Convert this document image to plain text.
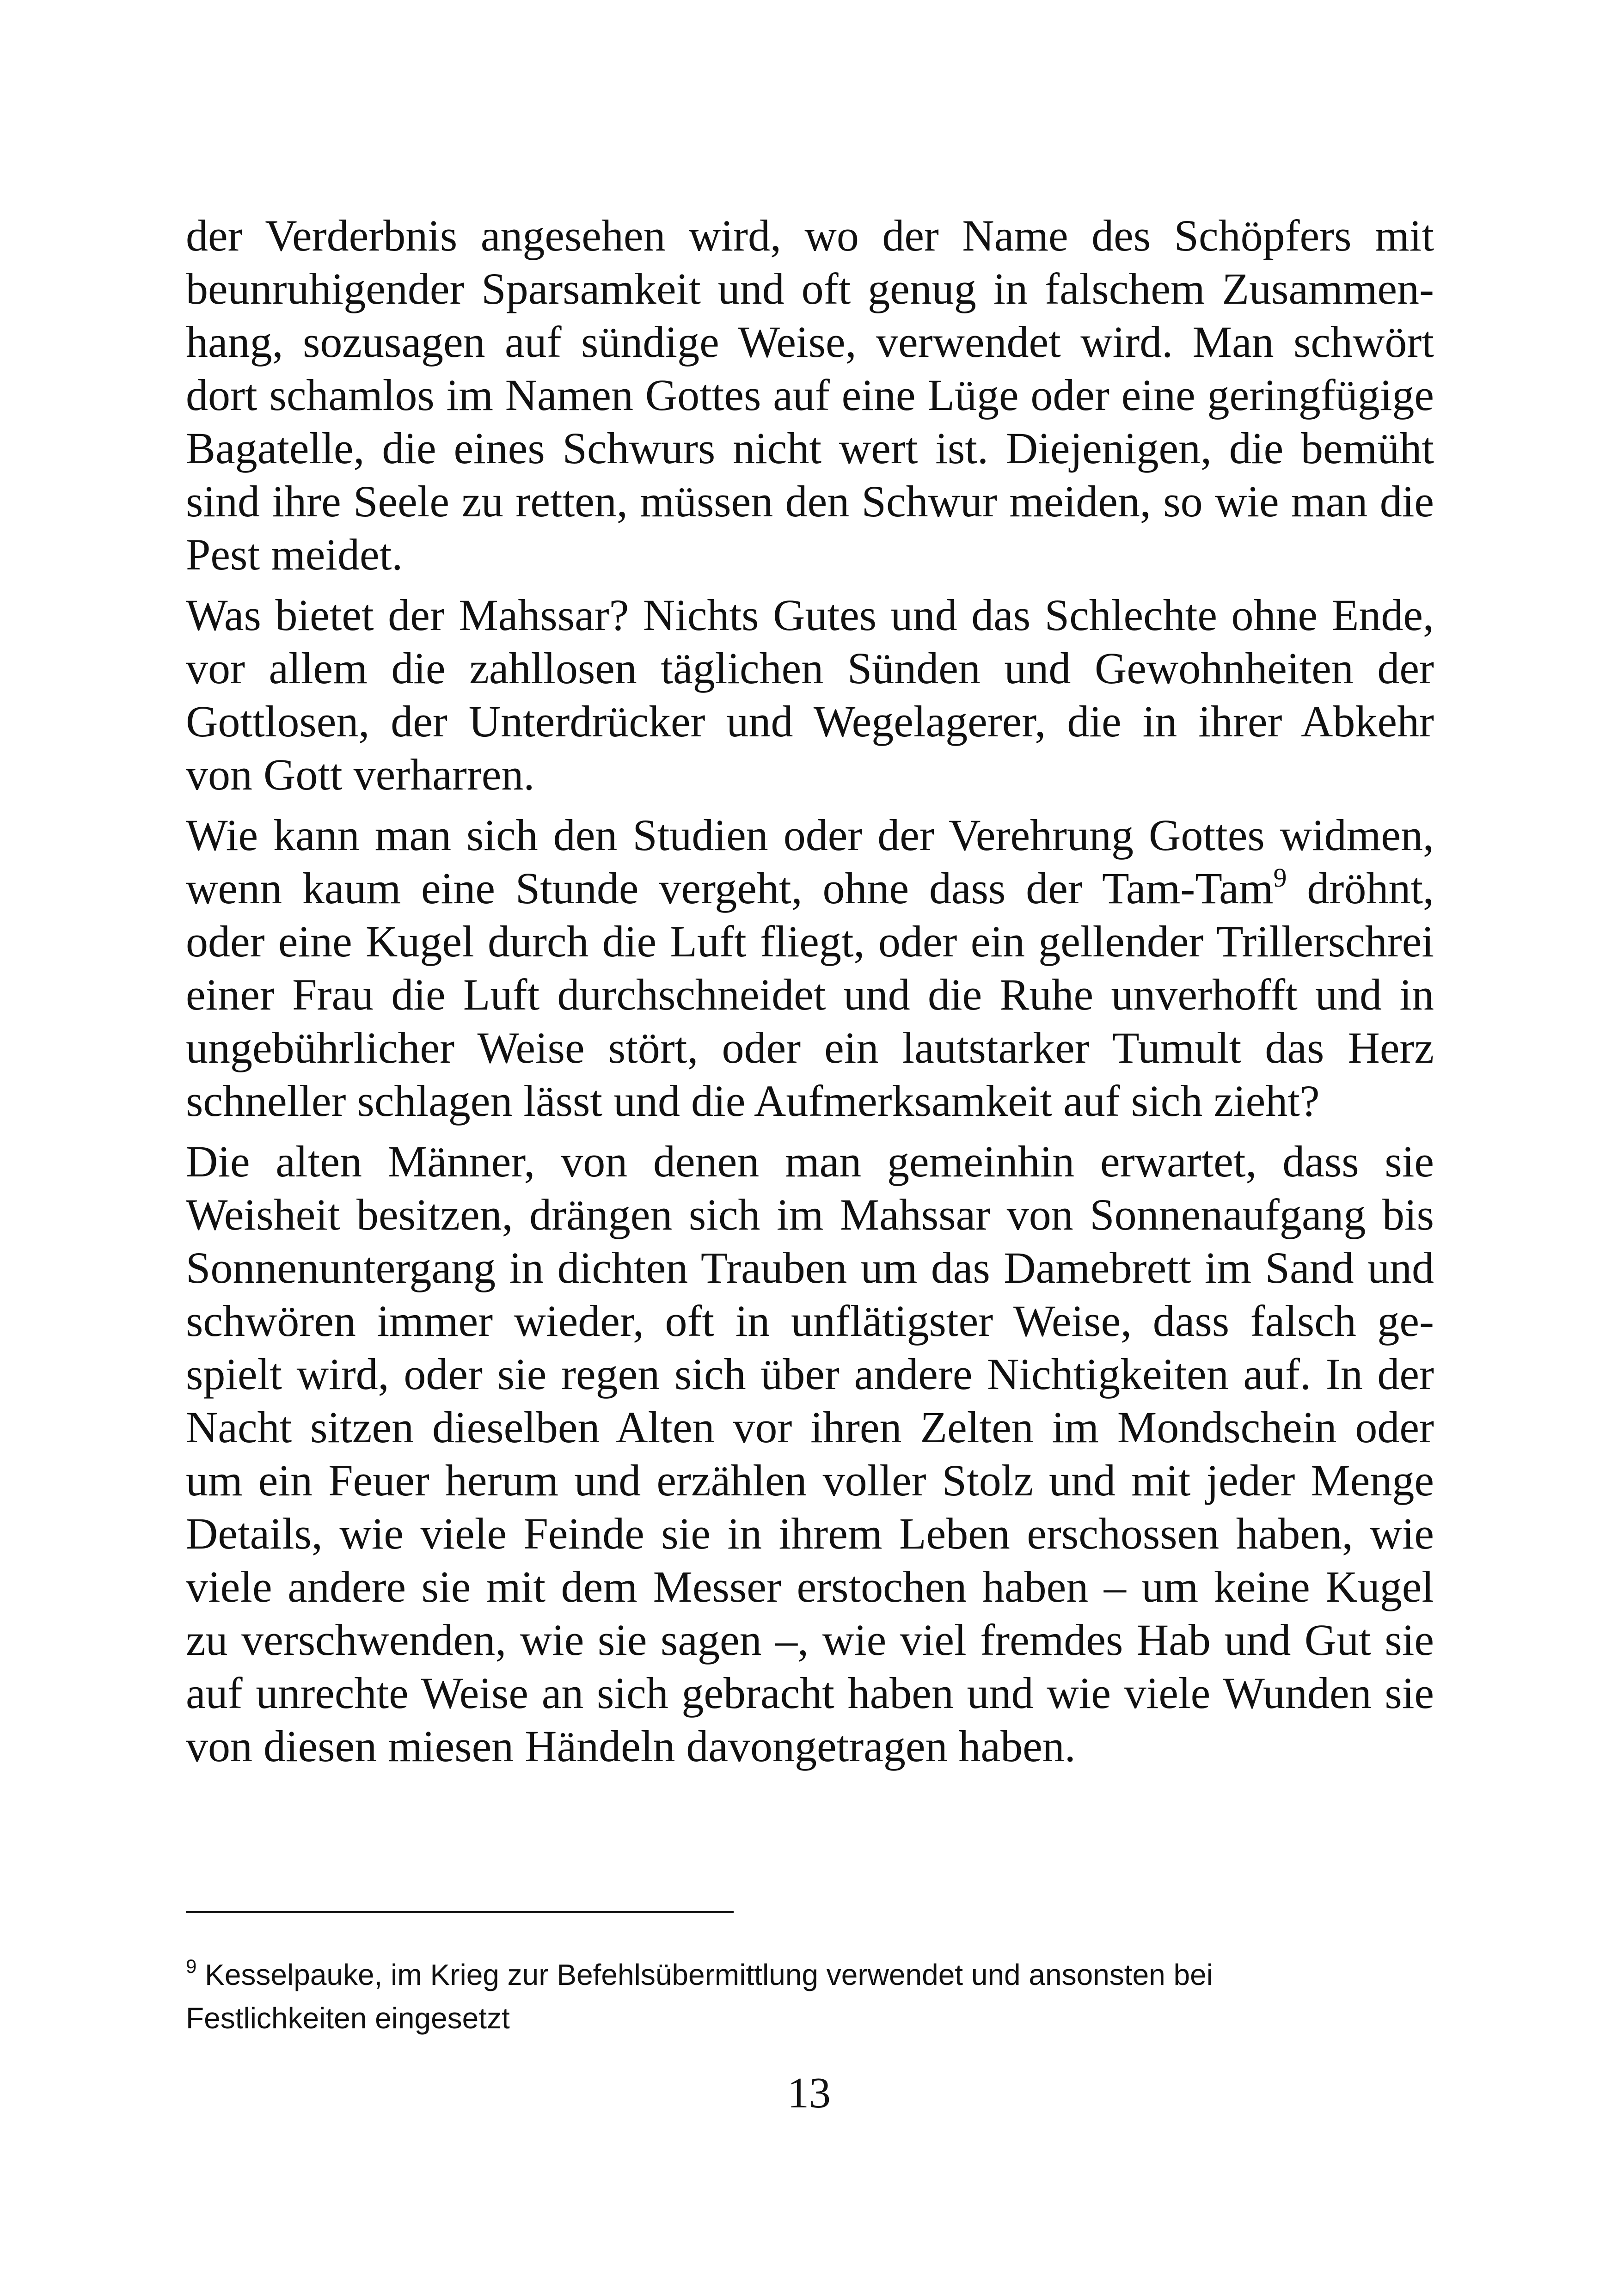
der Verderbnis angesehen wird, wo der Name des Schöpfers mit
beunruhigender Sparsamkeit und oft genug in falschem Zusammen-
hang, sozusagen auf sündige Weise, verwendet wird. Man schwört
dort schamlos im Namen Gottes auf eine Lüge oder eine geringfügige
Bagatelle, die eines Schwurs nicht wert ist. Diejenigen, die bemüht
sind ihre Seele zu retten, müssen den Schwur meiden, so wie man die
Pest meidet.
Was bietet der Mahssar? Nichts Gutes und das Schlechte ohne Ende,
vor allem die zahllosen täglichen Sünden und Gewohnheiten der
Gottlosen, der Unterdrücker und Wegelagerer, die in ihrer Abkehr
von Gott verharren.
Wie kann man sich den Studien oder der Verehrung Gottes widmen,
wenn kaum eine Stunde vergeht, ohne dass der Tam-Tam$^9$ dröhnt,
oder eine Kugel durch die Luft fliegt, oder ein gellender Trillerschrei
einer Frau die Luft durchschneidet und die Ruhe unverhofft und in
ungebührlicher Weise stört, oder ein lautstarker Tumult das Herz
schneller schlagen lässt und die Aufmerksamkeit auf sich zieht?
Die alten Männer, von denen man gemeinhin erwartet, dass sie
Weisheit besitzen, drängen sich im Mahssar von Sonnenaufgang bis
Sonnenuntergang in dichten Trauben um das Damebrett im Sand und
schwören immer wieder, oft in unflätigster Weise, dass falsch ge-
spielt wird, oder sie regen sich über andere Nichtigkeiten auf. In der
Nacht sitzen dieselben Alten vor ihren Zelten im Mondschein oder
um ein Feuer herum und erzählen voller Stolz und mit jeder Menge
Details, wie viele Feinde sie in ihrem Leben erschossen haben, wie
viele andere sie mit dem Messer erstochen haben – um keine Kugel
zu verschwenden, wie sie sagen –, wie viel fremdes Hab und Gut sie
auf unrechte Weise an sich gebracht haben und wie viele Wunden sie
von diesen miesen Händeln davongetragen haben.
$^9$ Kesselpauke, im Krieg zur Befehlsübermittlung verwendet und ansonsten bei
Festlichkeiten eingesetzt
13
